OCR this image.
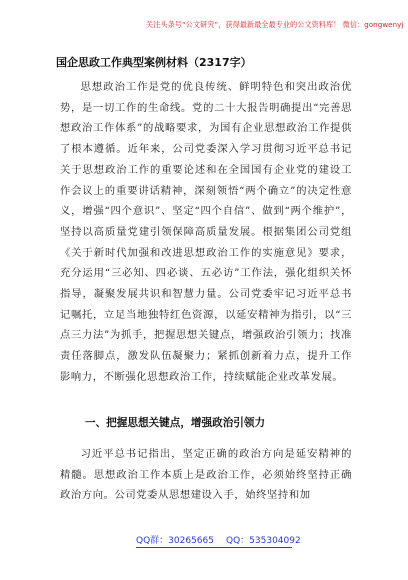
关注头条号“公文研究”，获得最新最全最专业的公文资料库！ 微信：gongwenyj
国企思政工作典型案例材料（2317字）

思想政治工作是党的优良传统、鲜明特色和突出政治优势，是一切工作的生命线。党的二十大报告明确提出“完善思想政治工作体系”的战略要求，为国有企业思想政治工作提供了根本遵循。近年来，公司党委深入学习贯彻习近平总书记关于思想政治工作的重要论述和在全国国有企业党的建设工作会议上的重要讲话精神，深刻领悟“两个确立”的决定性意义，增强“四个意识”、坚定“四个自信”、做到“两个维护”，坚持以高质量党建引领保障高质量发展。根据集团公司党组《关于新时代加强和改进思想政治工作的实施意见》要求，充分运用“三必知、四必谈、五必访”工作法，强化组织关怀指导，凝聚发展共识和智慧力量。公司党委牢记习近平总书记嘱托，立足当地独特红色资源，以延安精神为指引，以“三点三力法”为抓手，把握思想关键点，增强政治引领力；找准责任落脚点，激发队伍凝聚力；紧抓创新着力点，提升工作影响力，不断强化思想政治工作，持续赋能企业改革发展。

一、把握思想关键点，增强政治引领力

习近平总书记指出，坚定正确的政治方向是延安精神的精髓。思想政治工作本质上是政治工作，必须始终坚持正确政治方向。公司党委从思想建设入手，始终坚持和加

QQ群：30265665 QQ：535304092
